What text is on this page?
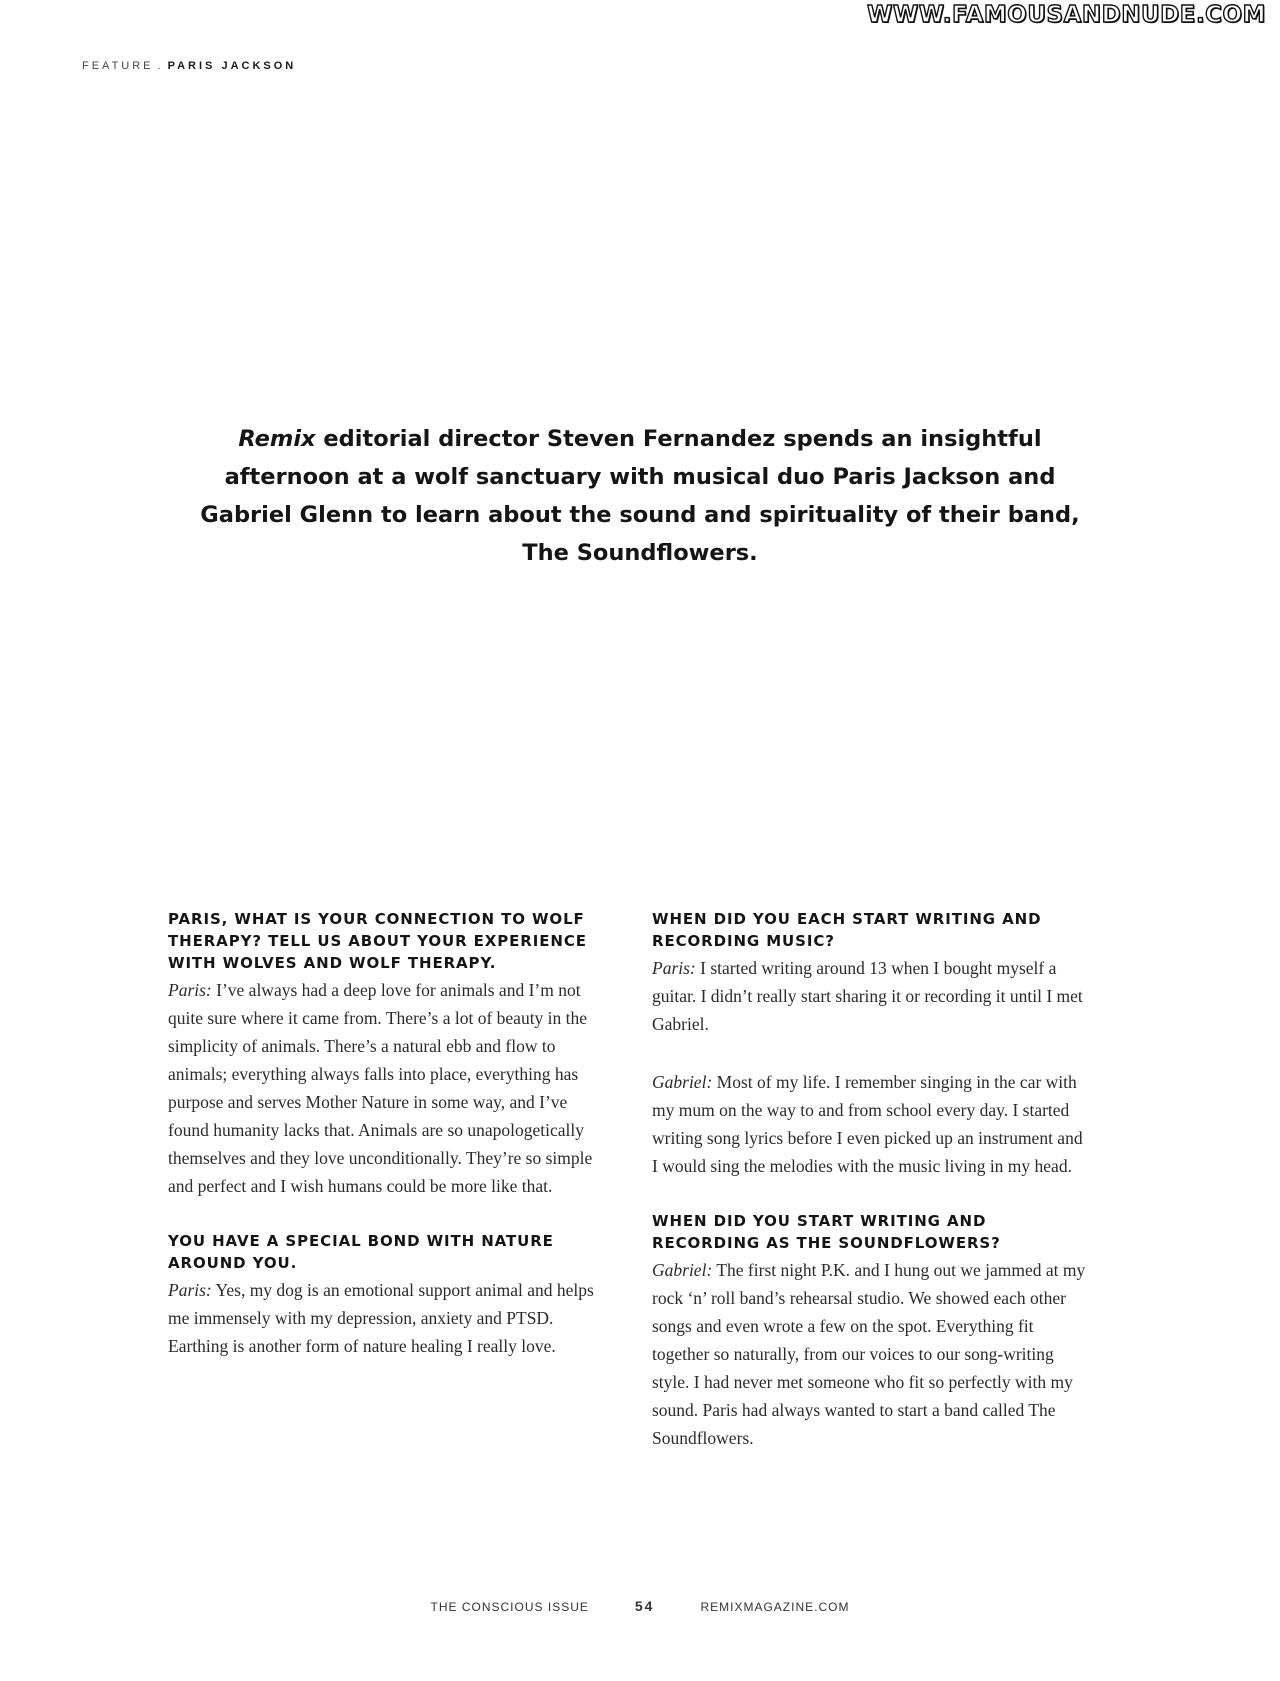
WWW.FAMOUSANDNUDE.COM
FEATURE . PARIS JACKSON
Remix editorial director Steven Fernandez spends an insightful afternoon at a wolf sanctuary with musical duo Paris Jackson and Gabriel Glenn to learn about the sound and spirituality of their band, The Soundflowers.

PARIS, WHAT IS YOUR CONNECTION TO WOLF THERAPY? TELL US ABOUT YOUR EXPERIENCE WITH WOLVES AND WOLF THERAPY.

Paris: I’ve always had a deep love for animals and I’m not quite sure where it came from. There’s a lot of beauty in the simplicity of animals. There’s a natural ebb and flow to animals; everything always falls into place, everything has purpose and serves Mother Nature in some way, and I’ve found humanity lacks that. Animals are so unapologetically themselves and they love unconditionally. They’re so simple and perfect and I wish humans could be more like that.

YOU HAVE A SPECIAL BOND WITH NATURE AROUND YOU.

Paris: Yes, my dog is an emotional support animal and helps me immensely with my depression, anxiety and PTSD. Earthing is another form of nature healing I really love.

WHEN DID YOU EACH START WRITING AND RECORDING MUSIC?

Paris: I started writing around 13 when I bought myself a guitar. I didn’t really start sharing it or recording it until I met Gabriel.

Gabriel: Most of my life. I remember singing in the car with my mum on the way to and from school every day. I started writing song lyrics before I even picked up an instrument and I would sing the melodies with the music living in my head.

WHEN DID YOU START WRITING AND RECORDING AS THE SOUNDFLOWERS?

Gabriel: The first night P.K. and I hung out we jammed at my rock ‘n’ roll band’s rehearsal studio. We showed each other songs and even wrote a few on the spot. Everything fit together so naturally, from our voices to our song-writing style. I had never met someone who fit so perfectly with my sound. Paris had always wanted to start a band called The Soundflowers.

THE CONSCIOUS ISSUE	54	REMIXMAGAZINE.COM
